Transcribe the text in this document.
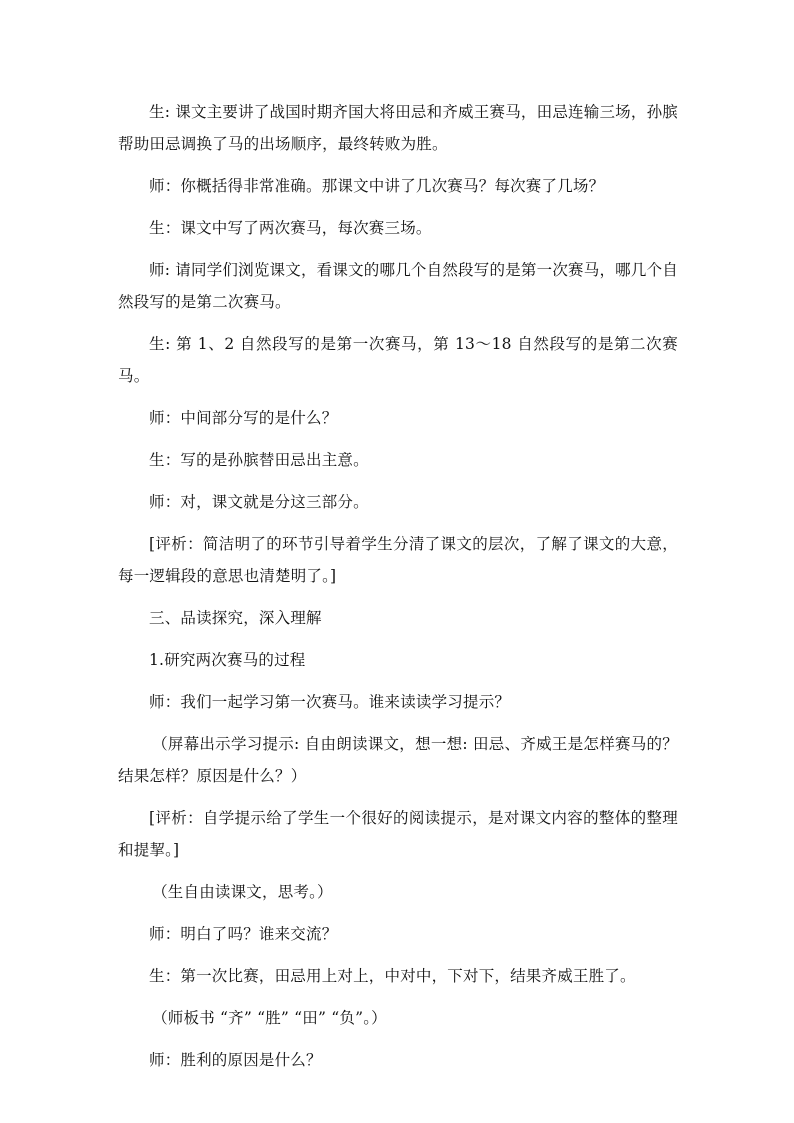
生: 课文主要讲了战国时期齐国大将田忌和齐威王赛马，田忌连输三场，孙膑帮助田忌调换了马的出场顺序，最终转败为胜。

师：你概括得非常准确。那课文中讲了几次赛马？每次赛了几场？

生：课文中写了两次赛马，每次赛三场。

师: 请同学们浏览课文，看课文的哪几个自然段写的是第一次赛马，哪几个自然段写的是第二次赛马。

生: 第 1、2 自然段写的是第一次赛马，第 13～18 自然段写的是第二次赛马。

师：中间部分写的是什么？

生：写的是孙膑替田忌出主意。

师：对，课文就是分这三部分。

[评析：简洁明了的环节引导着学生分清了课文的层次，了解了课文的大意，每一逻辑段的意思也清楚明了。]

三、品读探究，深入理解

1.研究两次赛马的过程

师：我们一起学习第一次赛马。谁来读读学习提示？

（屏幕出示学习提示: 自由朗读课文，想一想: 田忌、齐威王是怎样赛马的？结果怎样？原因是什么？）

[评析：自学提示给了学生一个很好的阅读提示，是对课文内容的整体的整理和提挈。]

（生自由读课文，思考。）

师：明白了吗？谁来交流？

生：第一次比赛，田忌用上对上，中对中，下对下，结果齐威王胜了。

（师板书 “齐” “胜” “田” “负”。）

师：胜利的原因是什么？
